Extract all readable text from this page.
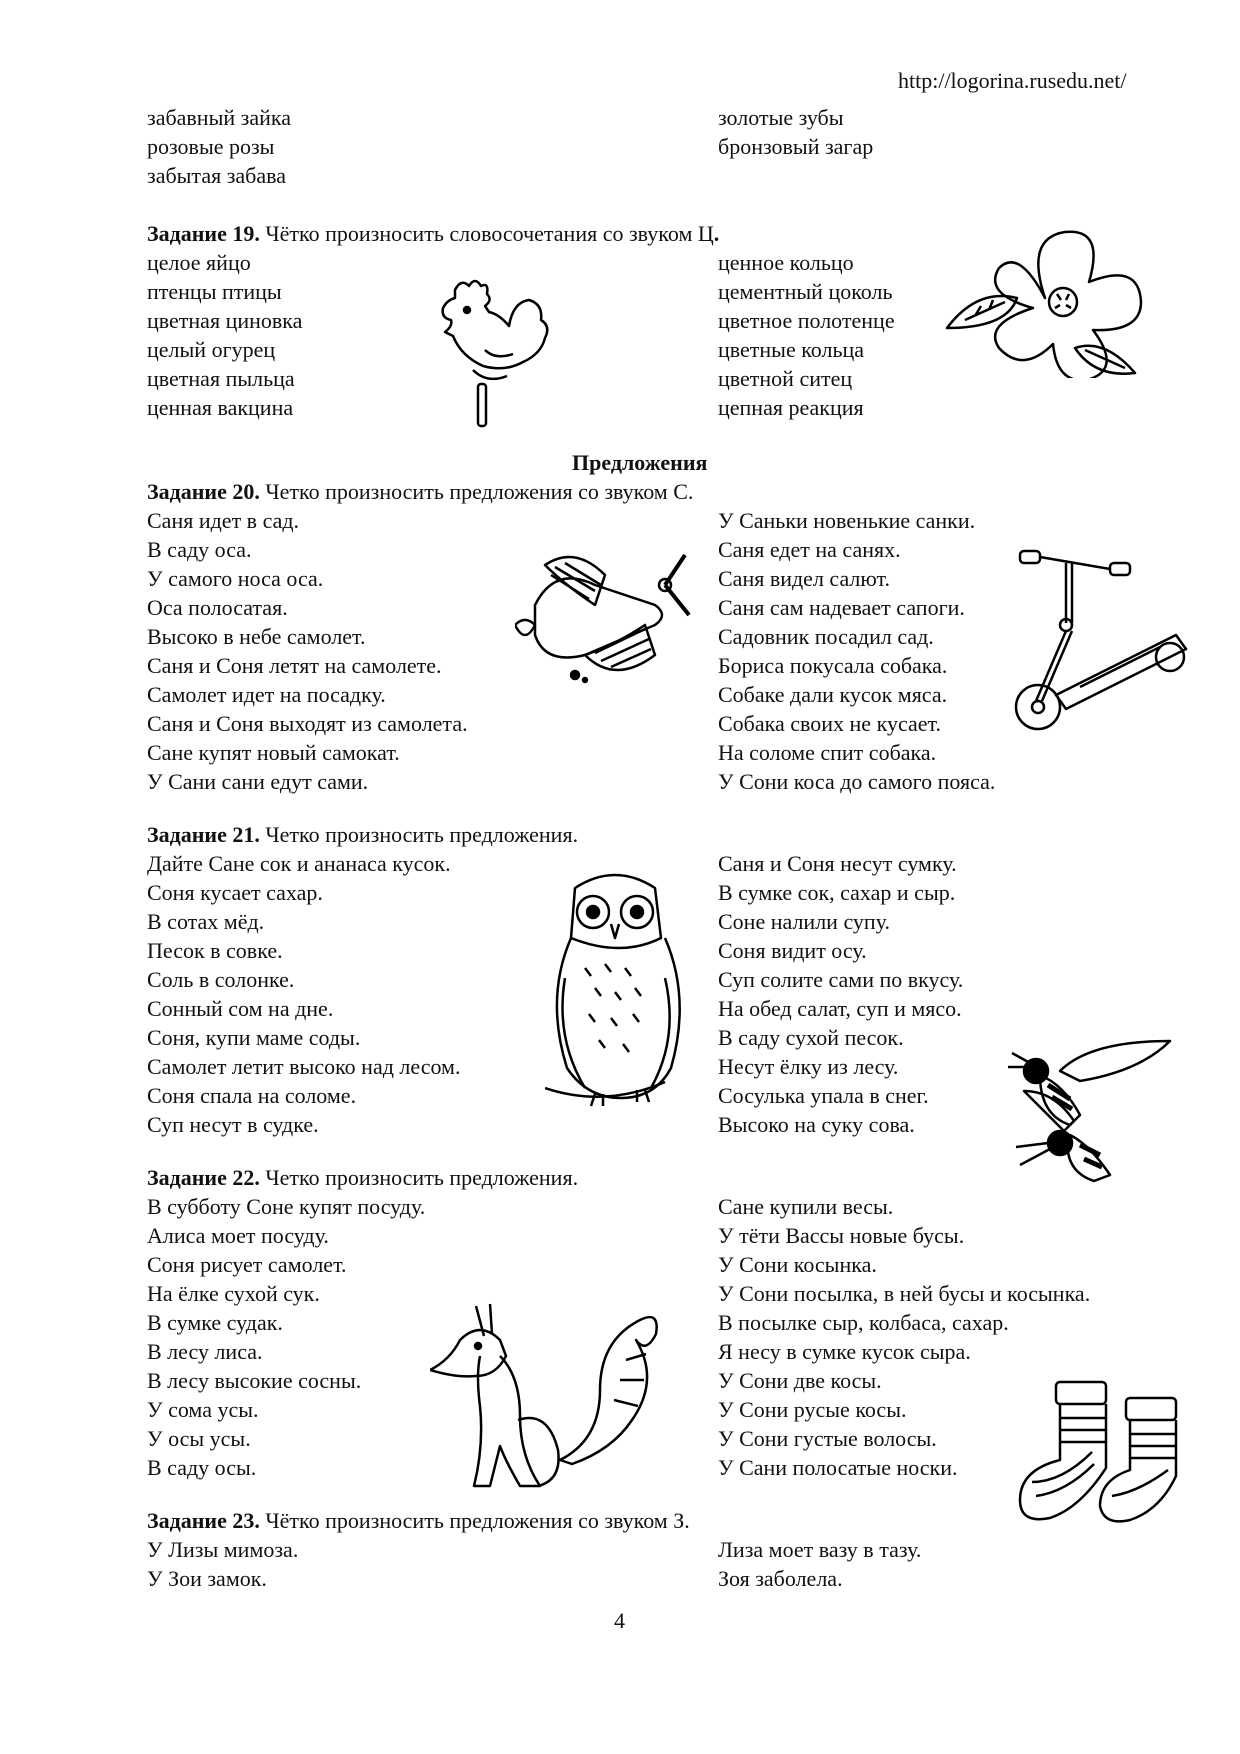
http://logorina.rusedu.net/
забавный зайка
розовые розы
забытая забава
золотые зубы
бронзовый загар
Задание 19. Чётко произносить словосочетания со звуком Ц.
целое яйцо
птенцы птицы
цветная циновка
целый огурец
цветная пыльца
ценная вакцина
ценное кольцо
цементный цоколь
цветное полотенце
цветные кольца
цветной ситец
цепная реакция
Предложения
Задание 20. Четко произносить предложения со звуком С.
Саня идет в сад.
В саду оса.
У самого носа оса.
Оса полосатая.
Высоко в небе самолет.
Саня и Соня летят на самолете.
Самолет идет на посадку.
Саня и Соня выходят из самолета.
Сане купят новый самокат.
У Сани сани едут сами.
У Саньки новенькие санки.
Саня едет на санях.
Саня видел салют.
Саня сам надевает сапоги.
Садовник посадил сад.
Бориса покусала собака.
Собаке дали кусок мяса.
Собака своих не кусает.
На соломе спит собака.
У Сони коса до самого пояса.
Задание 21. Четко произносить предложения.
Дайте Сане сок и ананаса кусок.
Соня кусает сахар.
В сотах мёд.
Песок в совке.
Соль в солонке.
Сонный сом на дне.
Соня, купи маме соды.
Самолет летит высоко над лесом.
Соня спала на соломе.
Суп несут в судке.
Саня и Соня несут сумку.
В сумке сок, сахар и сыр.
Соне налили супу.
Соня видит осу.
Суп солите сами по вкусу.
На обед салат, суп и мясо.
В саду сухой песок.
Несут ёлку из лесу.
Сосулька упала в снег.
Высоко на суку сова.
Задание 22. Четко произносить предложения.
В субботу Соне купят посуду.
Алиса моет посуду.
Соня рисует самолет.
На ёлке сухой сук.
В сумке судак.
В лесу лиса.
В лесу высокие сосны.
У сома усы.
У осы усы.
В саду осы.
Сане купили весы.
У тёти Вассы новые бусы.
У Сони косынка.
У Сони посылка, в ней бусы и косынка.
В посылке сыр, колбаса, сахар.
Я несу в сумке кусок сыра.
У Сони две косы.
У Сони русые косы.
У Сони густые волосы.
У Сани полосатые носки.
Задание 23. Чётко произносить предложения со звуком З.
У Лизы мимоза.
У Зои замок.
Лиза моет вазу в тазу.
Зоя заболела.
4
